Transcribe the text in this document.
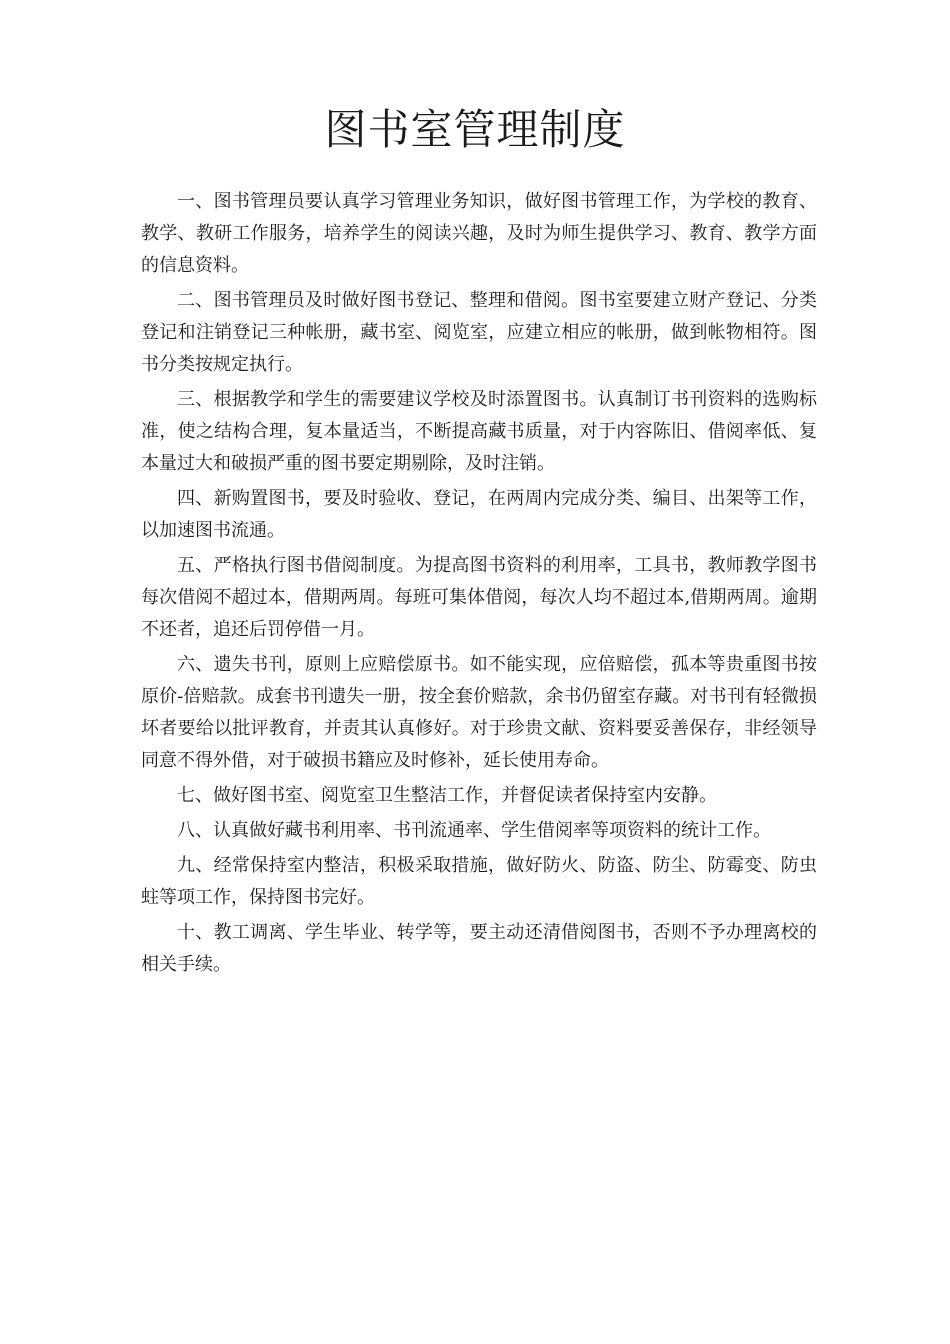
图书室管理制度

一、图书管理员要认真学习管理业务知识，做好图书管理工作，为学校的教育、教学、教研工作服务，培养学生的阅读兴趣，及时为师生提供学习、教育、教学方面的信息资料。

二、图书管理员及时做好图书登记、整理和借阅。图书室要建立财产登记、分类登记和注销登记三种帐册，藏书室、阅览室，应建立相应的帐册，做到帐物相符。图书分类按规定执行。

三、根据教学和学生的需要建议学校及时添置图书。认真制订书刊资料的选购标准，使之结构合理，复本量适当，不断提高藏书质量，对于内容陈旧、借阅率低、复本量过大和破损严重的图书要定期剔除，及时注销。

四、新购置图书，要及时验收、登记，在两周内完成分类、编目、出架等工作，以加速图书流通。

五、严格执行图书借阅制度。为提高图书资料的利用率，工具书，教师教学图书每次借阅不超过本，借期两周。每班可集体借阅，每次人均不超过本,借期两周。逾期不还者，追还后罚停借一月。

六、遗失书刊，原则上应赔偿原书。如不能实现，应倍赔偿，孤本等贵重图书按原价-倍赔款。成套书刊遗失一册，按全套价赔款，余书仍留室存藏。对书刊有轻微损坏者要给以批评教育，并责其认真修好。对于珍贵文献、资料要妥善保存，非经领导同意不得外借，对于破损书籍应及时修补，延长使用寿命。

七、做好图书室、阅览室卫生整洁工作，并督促读者保持室内安静。

八、认真做好藏书利用率、书刊流通率、学生借阅率等项资料的统计工作。

九、经常保持室内整洁，积极采取措施，做好防火、防盗、防尘、防霉变、防虫蛀等项工作，保持图书完好。

十、教工调离、学生毕业、转学等，要主动还清借阅图书，否则不予办理离校的相关手续。
